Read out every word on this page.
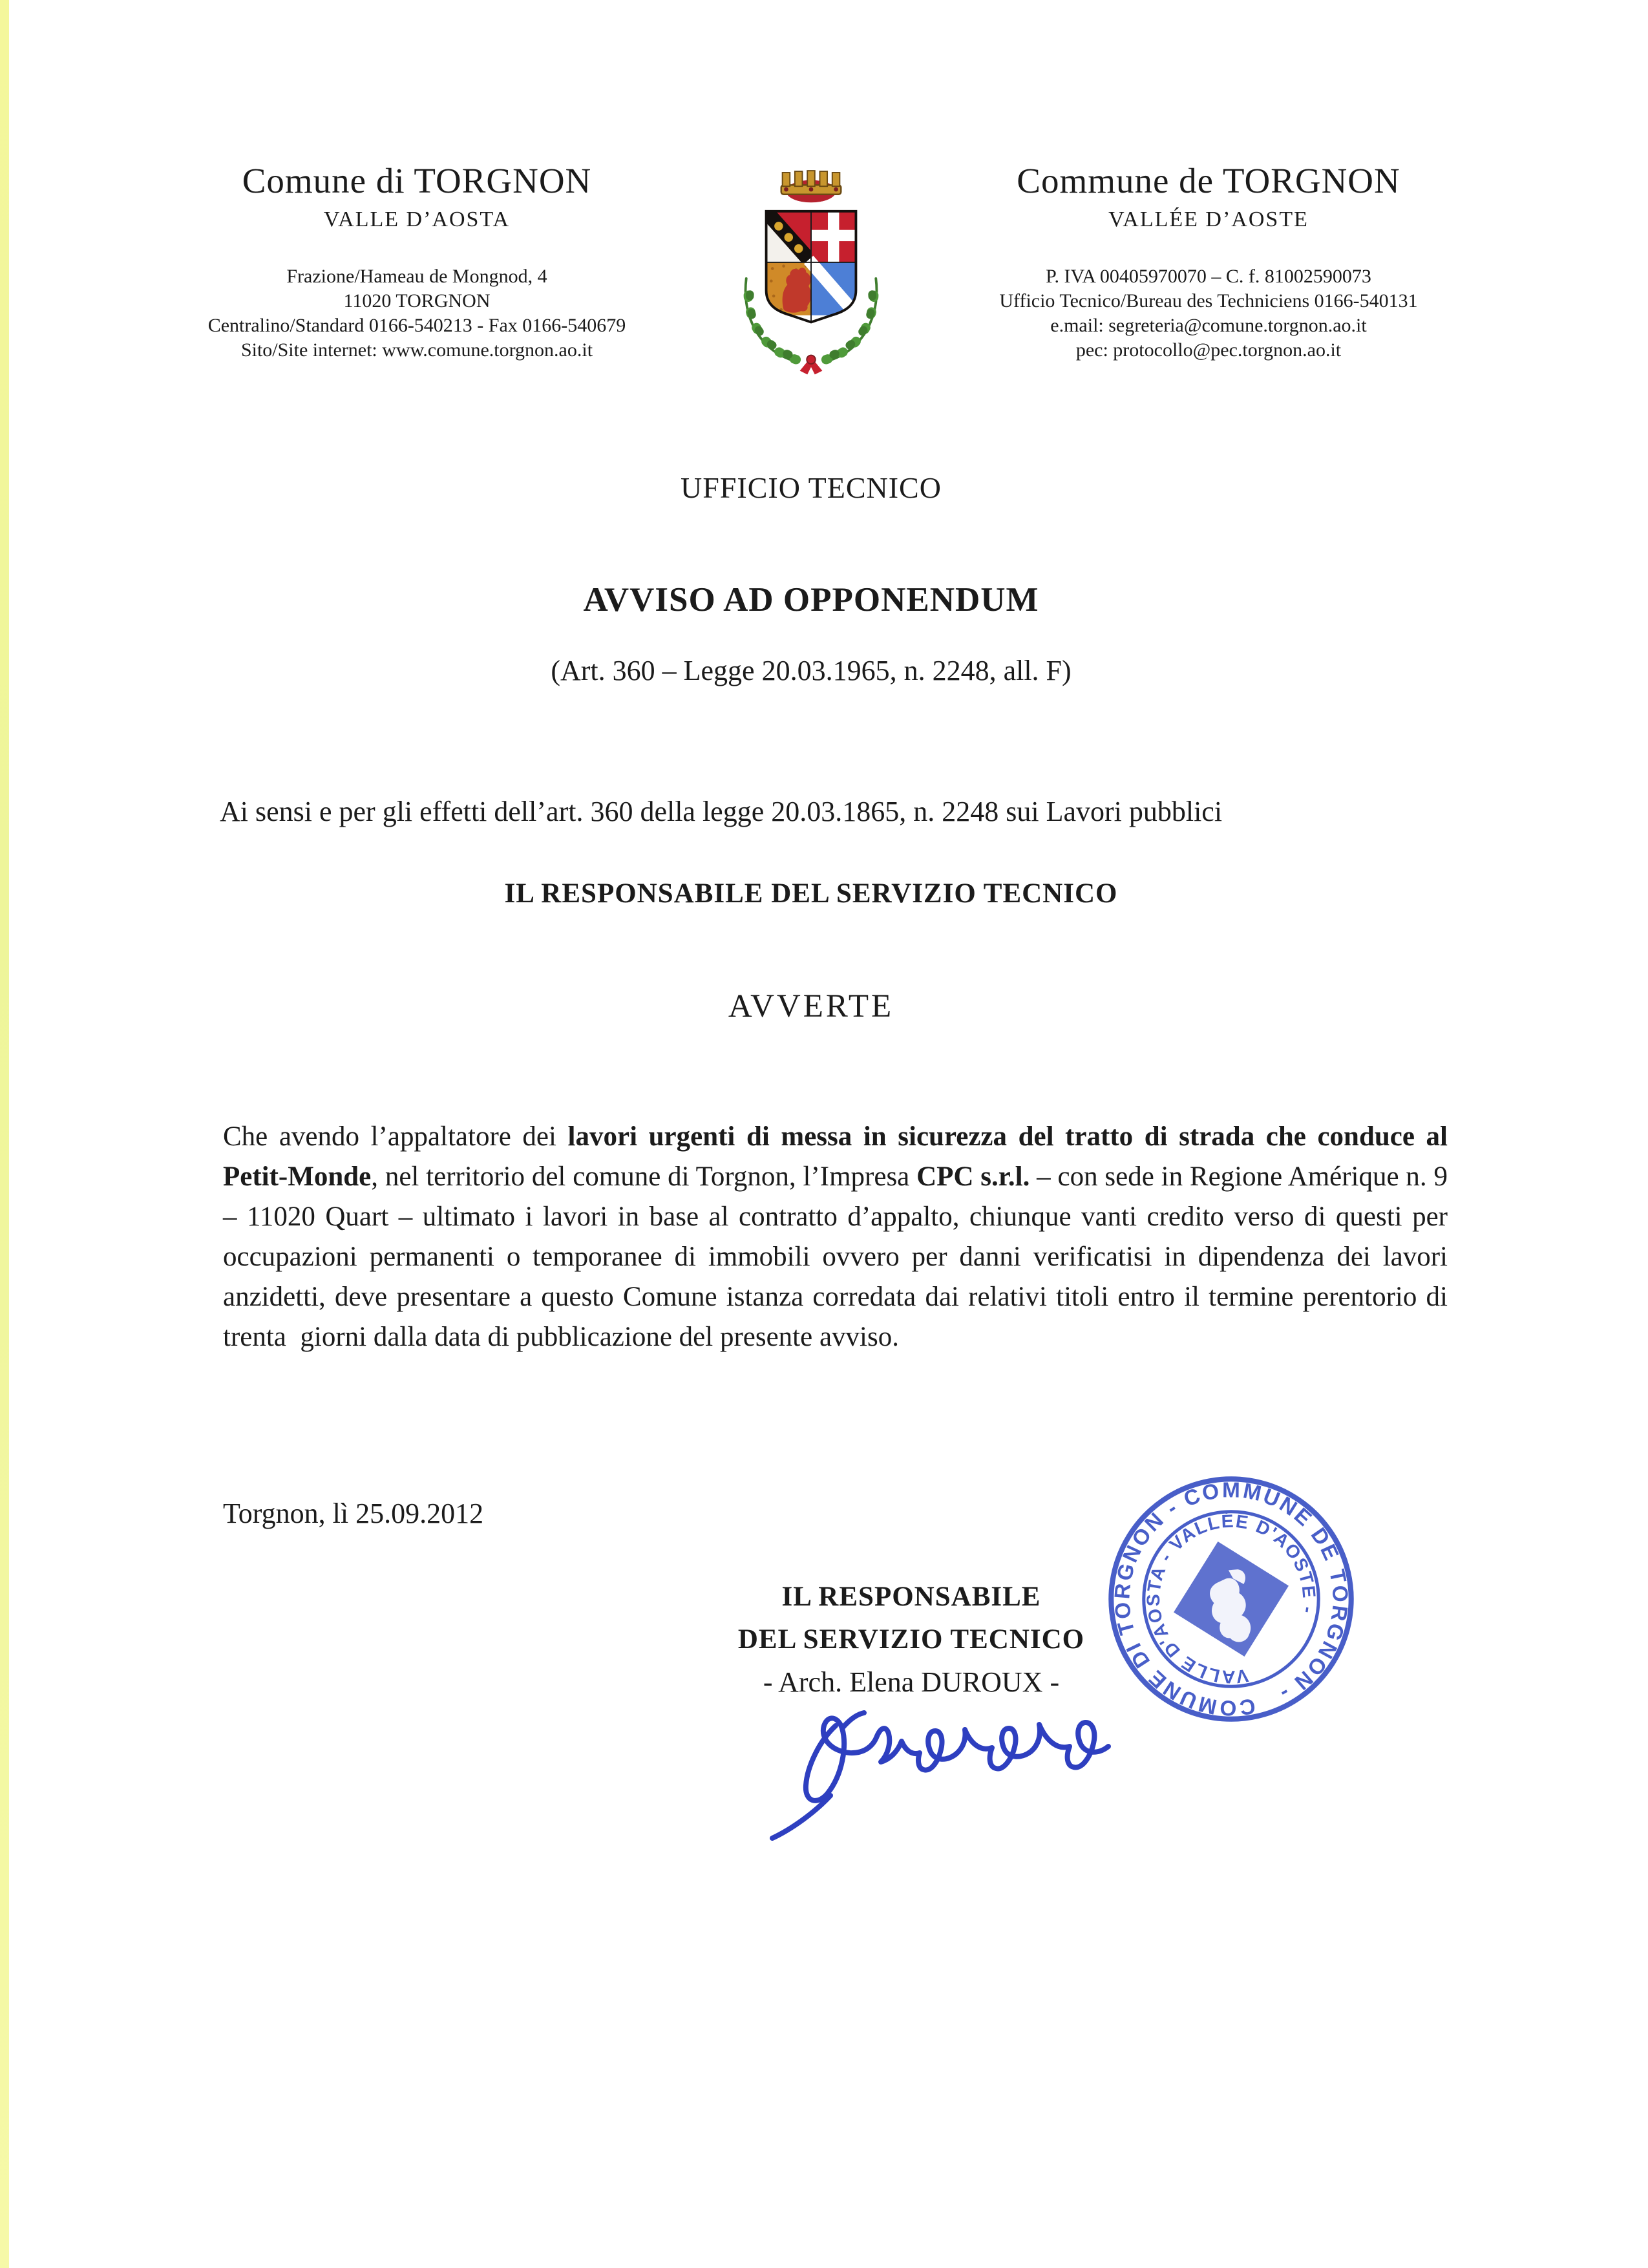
Comune di TORGNON
VALLE D’AOSTA
Frazione/Hameau de Mongnod, 4
11020 TORGNON
Centralino/Standard 0166-540213 - Fax 0166-540679
Sito/Site internet: www.comune.torgnon.ao.it
Commune de TORGNON
VALLÉE D’AOSTE
P. IVA 00405970070 – C. f. 81002590073
Ufficio Tecnico/Bureau des Techniciens 0166-540131
e.mail: segreteria@comune.torgnon.ao.it
pec: protocollo@pec.torgnon.ao.it
UFFICIO TECNICO
AVVISO AD OPPONENDUM
(Art. 360 – Legge 20.03.1965, n. 2248, all. F)

Ai sensi e per gli effetti dell’art. 360 della legge 20.03.1865, n. 2248 sui Lavori pubblici

IL RESPONSABILE DEL SERVIZIO TECNICO
AVVERTE

Che avendo l’appaltatore dei lavori urgenti di messa in sicurezza del tratto di strada che conduce al Petit-Monde, nel territorio del comune di Torgnon, l’Impresa CPC s.r.l. – con sede in Regione Amérique n. 9 – 11020 Quart – ultimato i lavori in base al contratto d’appalto, chiunque vanti credito verso di questi per occupazioni permanenti o temporanee di immobili ovvero per danni verificatisi in dipendenza dei lavori anzidetti, deve presentare a questo Comune istanza corredata dai relativi titoli entro il termine perentorio di trenta  giorni dalla data di pubblicazione del presente avviso.

Torgnon, lì 25.09.2012
IL RESPONSABILE
DEL SERVIZIO TECNICO
- Arch. Elena DUROUX -
COMUNE DI TORGNON - COMMUNE DE TORGNON -
VALLE D'AOSTA - VALLÉE D'AOSTE -
